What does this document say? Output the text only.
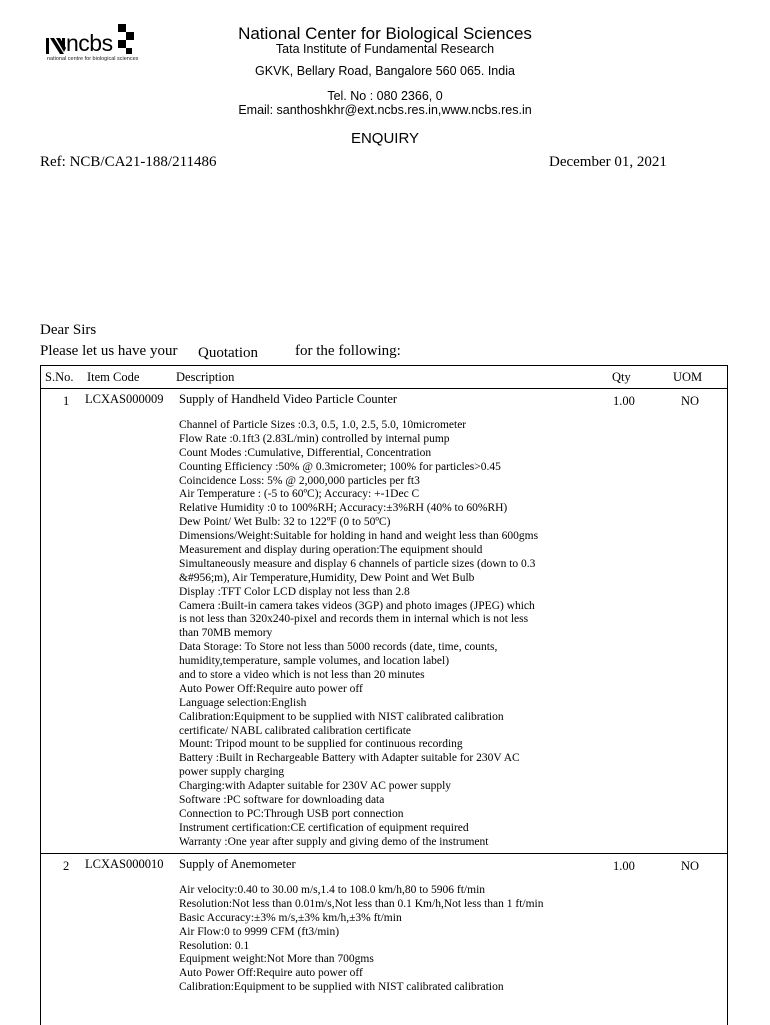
ncbs
national centre for biological sciences
National Center for Biological Sciences
Tata Institute of Fundamental Research
GKVK, Bellary Road, Bangalore 560 065. India
Tel. No : 080 2366, 0
Email: santhoshkhr@ext.ncbs.res.in,www.ncbs.res.in
ENQUIRY
Ref: NCB/CA21-188/211486	December 01, 2021
Dear Sirs
Please let us have your Quotation for the following:
S.No. Item Code	Description	Qty	UOM
1 LCXAS000009 Supply of Handheld Video Particle Counter	1.00	NO
Channel of Particle Sizes :0.3, 0.5, 1.0, 2.5, 5.0, 10micrometer
Flow Rate :0.1ft3 (2.83L/min) controlled by internal pump
Count Modes :Cumulative, Differential, Concentration
Counting Efficiency :50% @ 0.3micrometer; 100% for particles>0.45
Coincidence Loss: 5% @ 2,000,000 particles per ft3
Air Temperature : (-5 to 60ºC); Accuracy: +-1Dec C
Relative Humidity :0 to 100%RH; Accuracy:±3%RH (40% to 60%RH)
Dew Point/ Wet Bulb: 32 to 122ºF (0 to 50ºC)
Dimensions/Weight:Suitable for holding in hand and weight less than 600gms
Measurement and display during operation:The equipment should
Simultaneously measure and display 6 channels of particle sizes (down to 0.3
&#956;m), Air Temperature,Humidity, Dew Point and Wet Bulb
Display :TFT Color LCD display not less than 2.8
Camera :Built-in camera takes videos (3GP) and photo images (JPEG) which
is not less than 320x240-pixel and records them in internal which is not less
than 70MB memory
Data Storage: To Store not less than 5000 records (date, time, counts,
humidity,temperature, sample volumes, and location label)
and to store a video which is not less than 20 minutes
Auto Power Off:Require auto power off
Language selection:English
Calibration:Equipment to be supplied with NIST calibrated calibration
certificate/ NABL calibrated calibration certificate
Mount: Tripod mount to be supplied for continuous recording
Battery :Built in Rechargeable Battery with Adapter suitable for 230V AC
power supply charging
Charging:with Adapter suitable for 230V AC power supply
Software :PC software for downloading data
Connection to PC:Through USB port connection
Instrument certification:CE certification of equipment required
Warranty :One year after supply and giving demo of the instrument
2 LCXAS000010 Supply of Anemometer	1.00	NO
Air velocity:0.40 to 30.00 m/s,1.4 to 108.0 km/h,80 to 5906 ft/min
Resolution:Not less than 0.01m/s,Not less than 0.1 Km/h,Not less than 1 ft/min
Basic Accuracy:±3% m/s,±3% km/h,±3% ft/min
Air Flow:0 to 9999 CFM (ft3/min)
Resolution: 0.1
Equipment weight:Not More than 700gms
Auto Power Off:Require auto power off
Calibration:Equipment to be supplied with NIST calibrated calibration
